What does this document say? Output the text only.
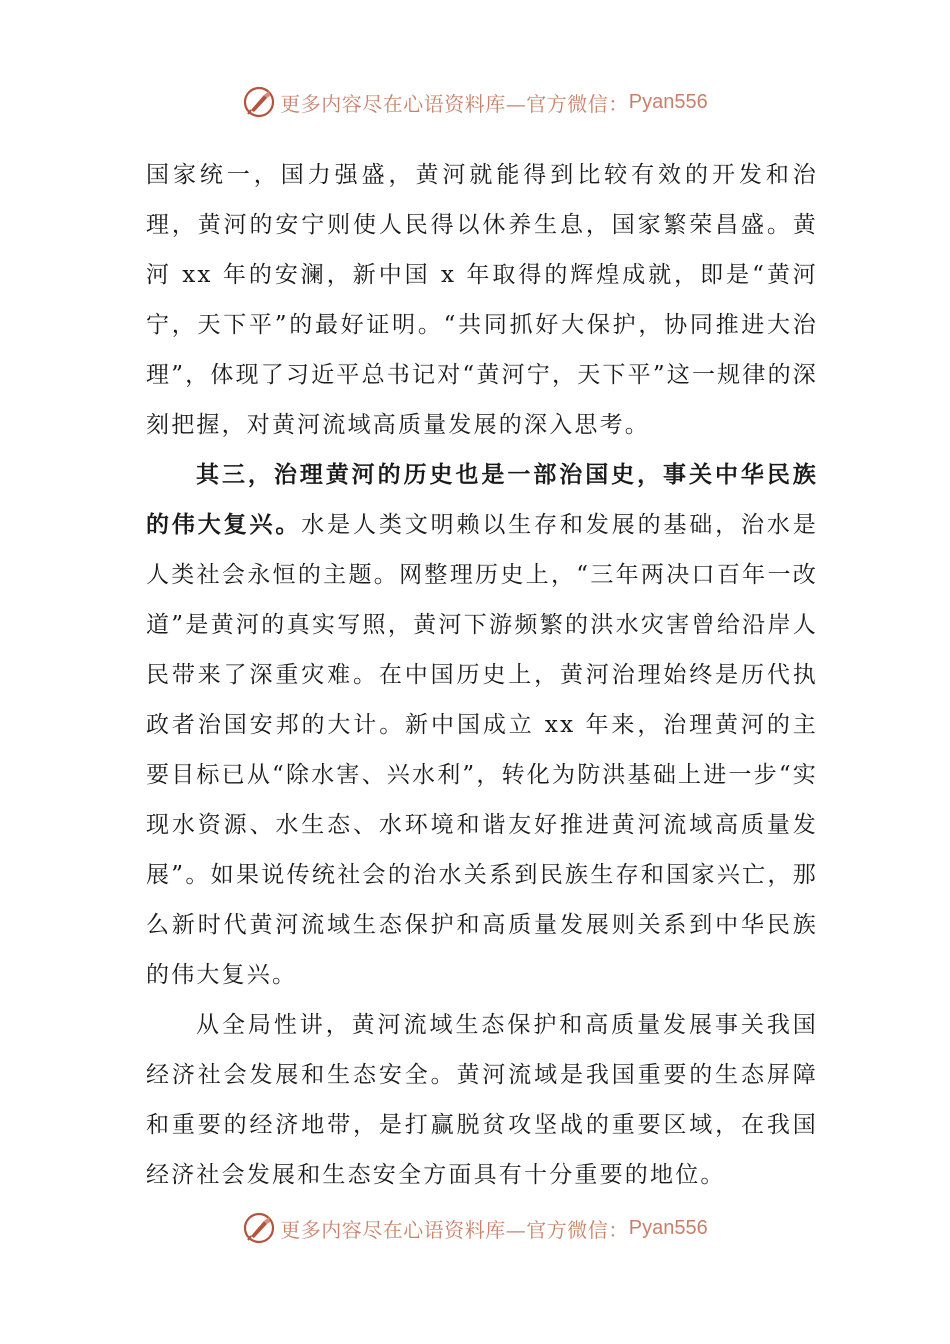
更多内容尽在心语资料库—官方微信： Pyan556

国家统一，国力强盛，黄河就能得到比较有效的开发和治理，黄河的安宁则使人民得以休养生息，国家繁荣昌盛。黄河 xx 年的安澜，新中国 x 年取得的辉煌成就，即是“黄河宁，天下平”的最好证明。“共同抓好大保护，协同推进大治理”，体现了习近平总书记对“黄河宁，天下平”这一规律的深刻把握，对黄河流域高质量发展的深入思考。

其三，治理黄河的历史也是一部治国史，事关中华民族的伟大复兴。水是人类文明赖以生存和发展的基础，治水是人类社会永恒的主题。网整理历史上，“三年两决口百年一改道”是黄河的真实写照，黄河下游频繁的洪水灾害曾给沿岸人民带来了深重灾难。在中国历史上，黄河治理始终是历代执政者治国安邦的大计。新中国成立 xx 年来，治理黄河的主要目标已从“除水害、兴水利”，转化为防洪基础上进一步“实现水资源、水生态、水环境和谐友好推进黄河流域高质量发展”。如果说传统社会的治水关系到民族生存和国家兴亡，那么新时代黄河流域生态保护和高质量发展则关系到中华民族的伟大复兴。

从全局性讲，黄河流域生态保护和高质量发展事关我国经济社会发展和生态安全。黄河流域是我国重要的生态屏障和重要的经济地带，是打赢脱贫攻坚战的重要区域，在我国经济社会发展和生态安全方面具有十分重要的地位。

更多内容尽在心语资料库—官方微信： Pyan556
